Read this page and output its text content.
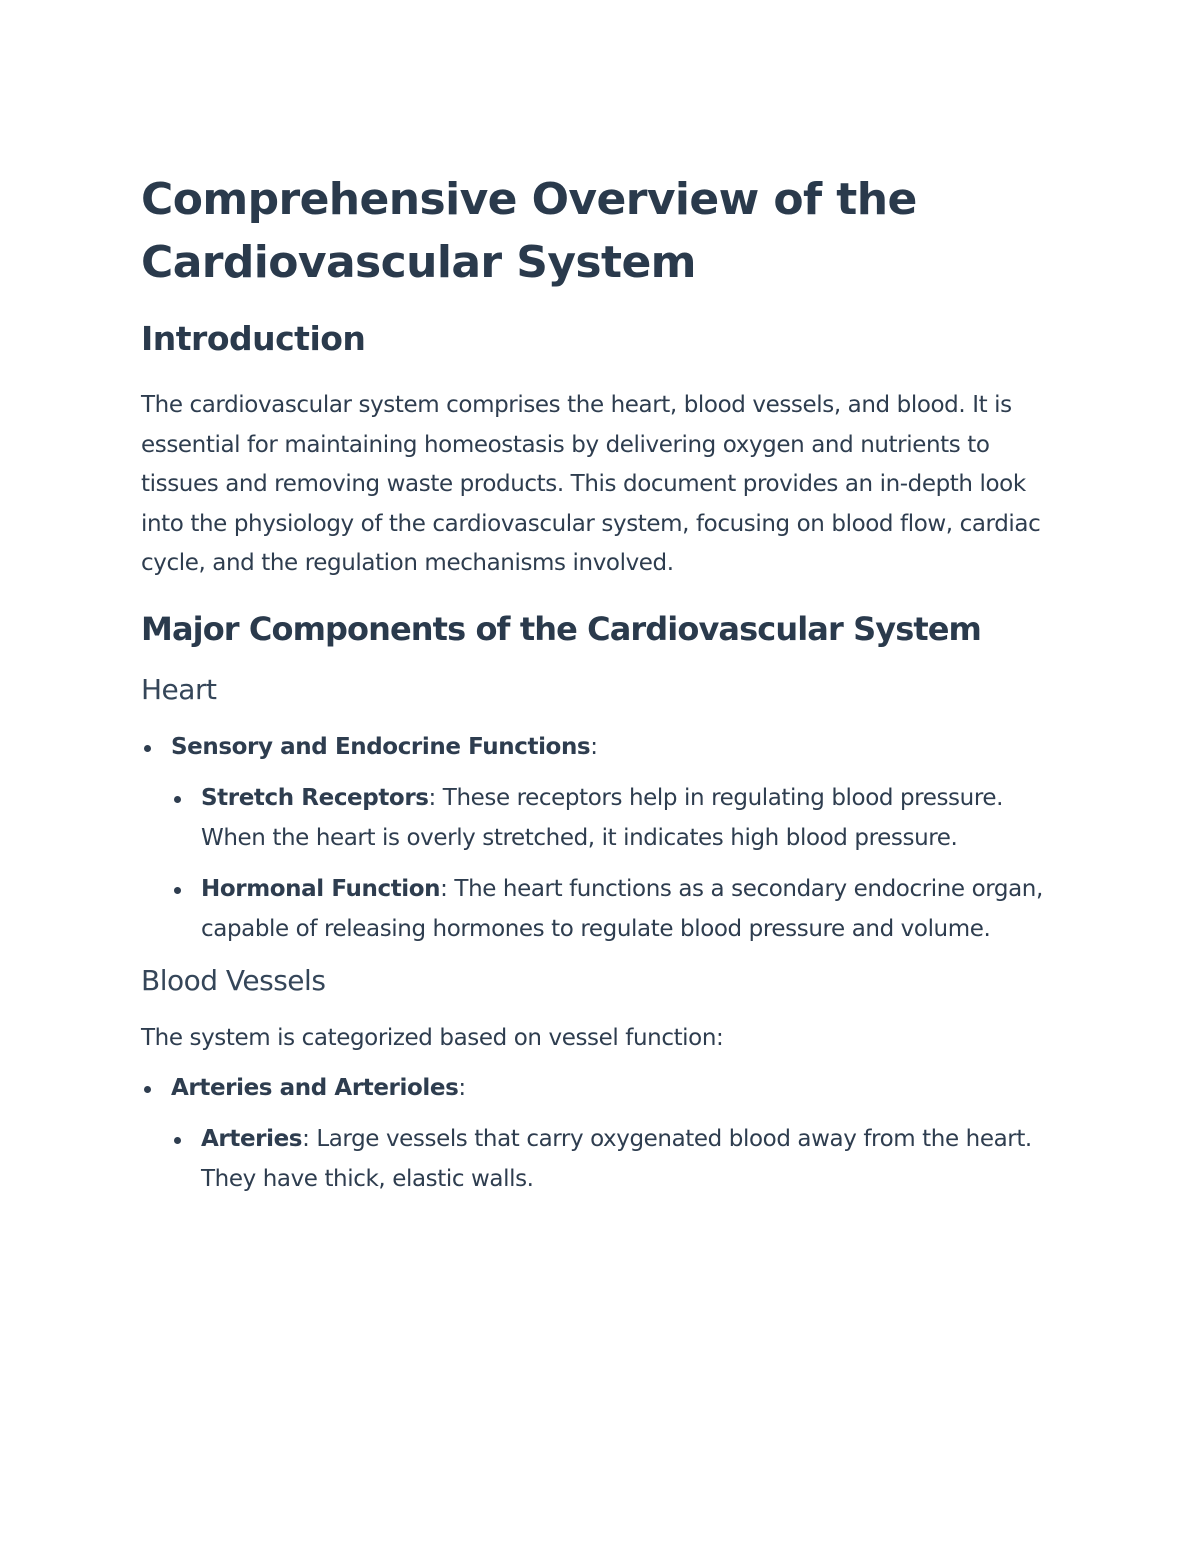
Comprehensive Overview of the Cardiovascular System
Introduction

The cardiovascular system comprises the heart, blood vessels, and blood. It is essential for maintaining homeostasis by delivering oxygen and nutrients to tissues and removing waste products. This document provides an in-depth look into the physiology of the cardiovascular system, focusing on blood flow, cardiac cycle, and the regulation mechanisms involved.

Major Components of the Cardiovascular System
Heart
Sensory and Endocrine Functions:
Stretch Receptors: These receptors help in regulating blood pressure. When the heart is overly stretched, it indicates high blood pressure.
Hormonal Function: The heart functions as a secondary endocrine organ, capable of releasing hormones to regulate blood pressure and volume.
Blood Vessels

The system is categorized based on vessel function:

Arteries and Arterioles:
Arteries: Large vessels that carry oxygenated blood away from the heart. They have thick, elastic walls.
